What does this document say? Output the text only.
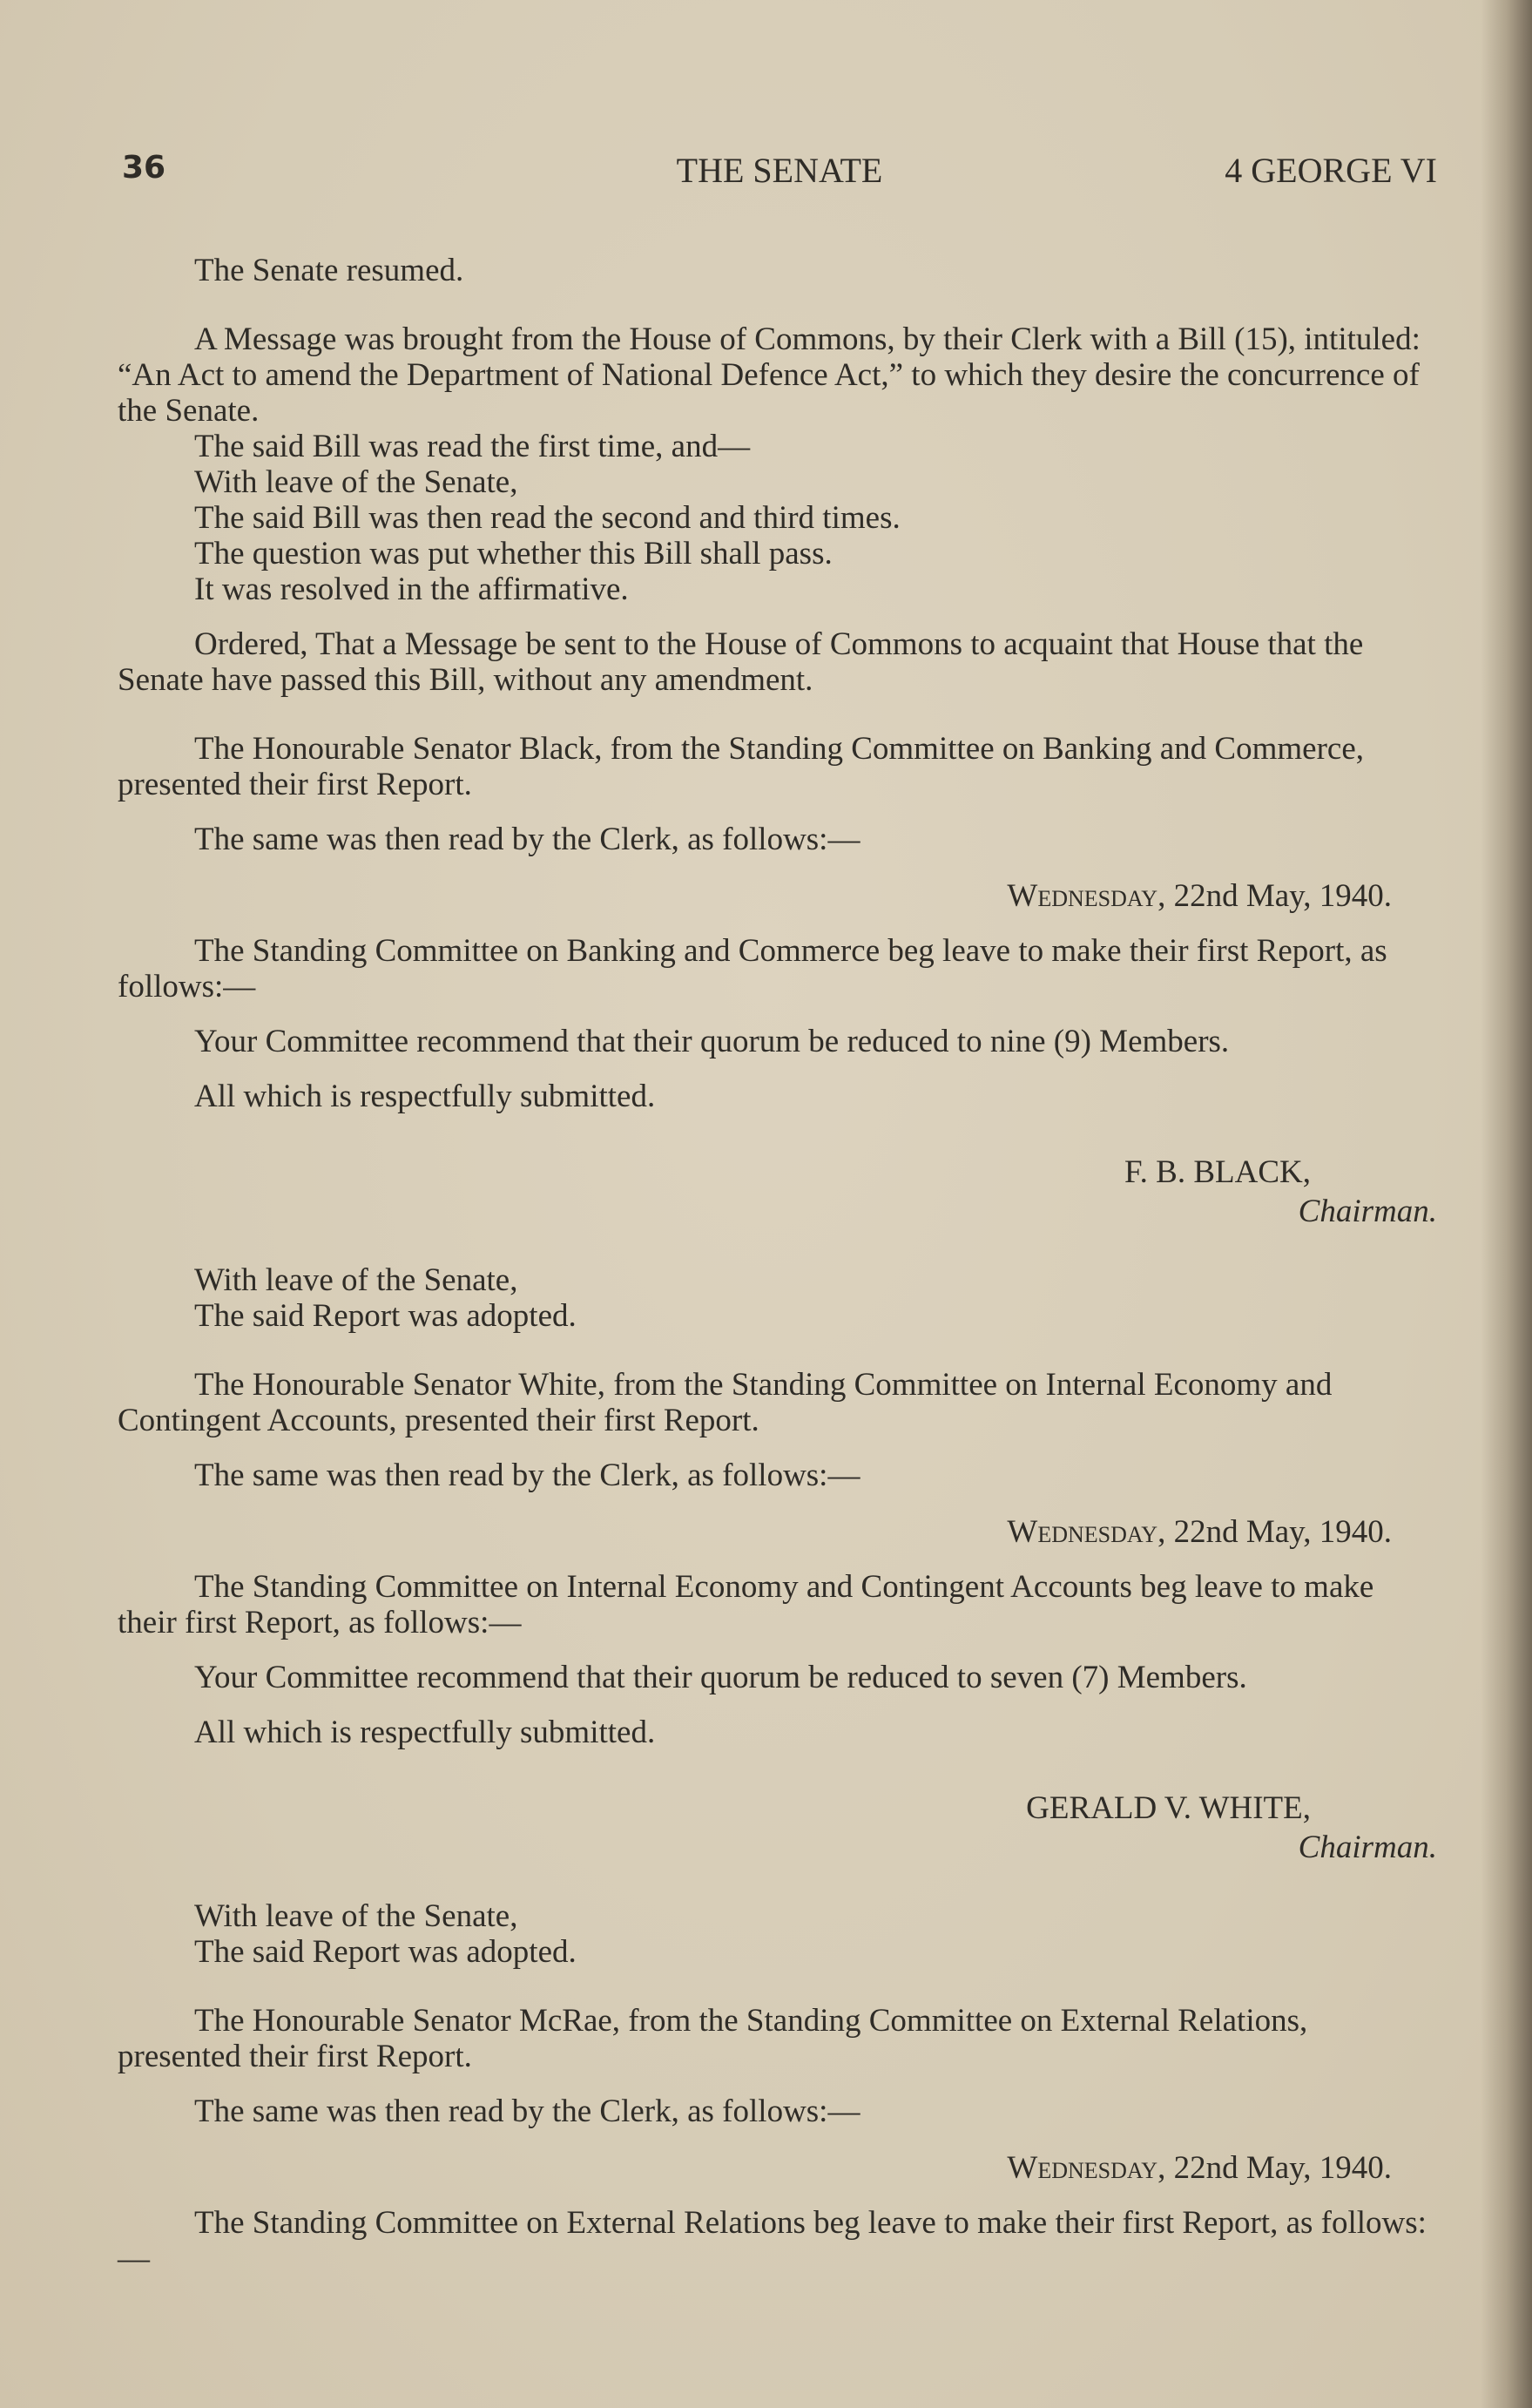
36	THE SENATE	4 GEORGE VI

The Senate resumed.

A Message was brought from the House of Commons, by their Clerk with a Bill (15), intituled: “An Act to amend the Department of National Defence Act,” to which they desire the concurrence of the Senate.

The said Bill was read the first time, and—

With leave of the Senate,

The said Bill was then read the second and third times.

The question was put whether this Bill shall pass.

It was resolved in the affirmative.

Ordered, That a Message be sent to the House of Commons to acquaint that House that the Senate have passed this Bill, without any amendment.

The Honourable Senator Black, from the Standing Committee on Banking and Commerce, presented their first Report.

The same was then read by the Clerk, as follows:—

Wednesday, 22nd May, 1940.

The Standing Committee on Banking and Commerce beg leave to make their first Report, as follows:—

Your Committee recommend that their quorum be reduced to nine (9) Members.

All which is respectfully submitted.

F. B. BLACK,

Chairman.

With leave of the Senate,

The said Report was adopted.

The Honourable Senator White, from the Standing Committee on Internal Economy and Contingent Accounts, presented their first Report.

The same was then read by the Clerk, as follows:—

Wednesday, 22nd May, 1940.

The Standing Committee on Internal Economy and Contingent Accounts beg leave to make their first Report, as follows:—

Your Committee recommend that their quorum be reduced to seven (7) Members.

All which is respectfully submitted.

GERALD V. WHITE,

Chairman.

With leave of the Senate,

The said Report was adopted.

The Honourable Senator McRae, from the Standing Committee on External Relations, presented their first Report.

The same was then read by the Clerk, as follows:—

Wednesday, 22nd May, 1940.

The Standing Committee on External Relations beg leave to make their first Report, as follows:—
